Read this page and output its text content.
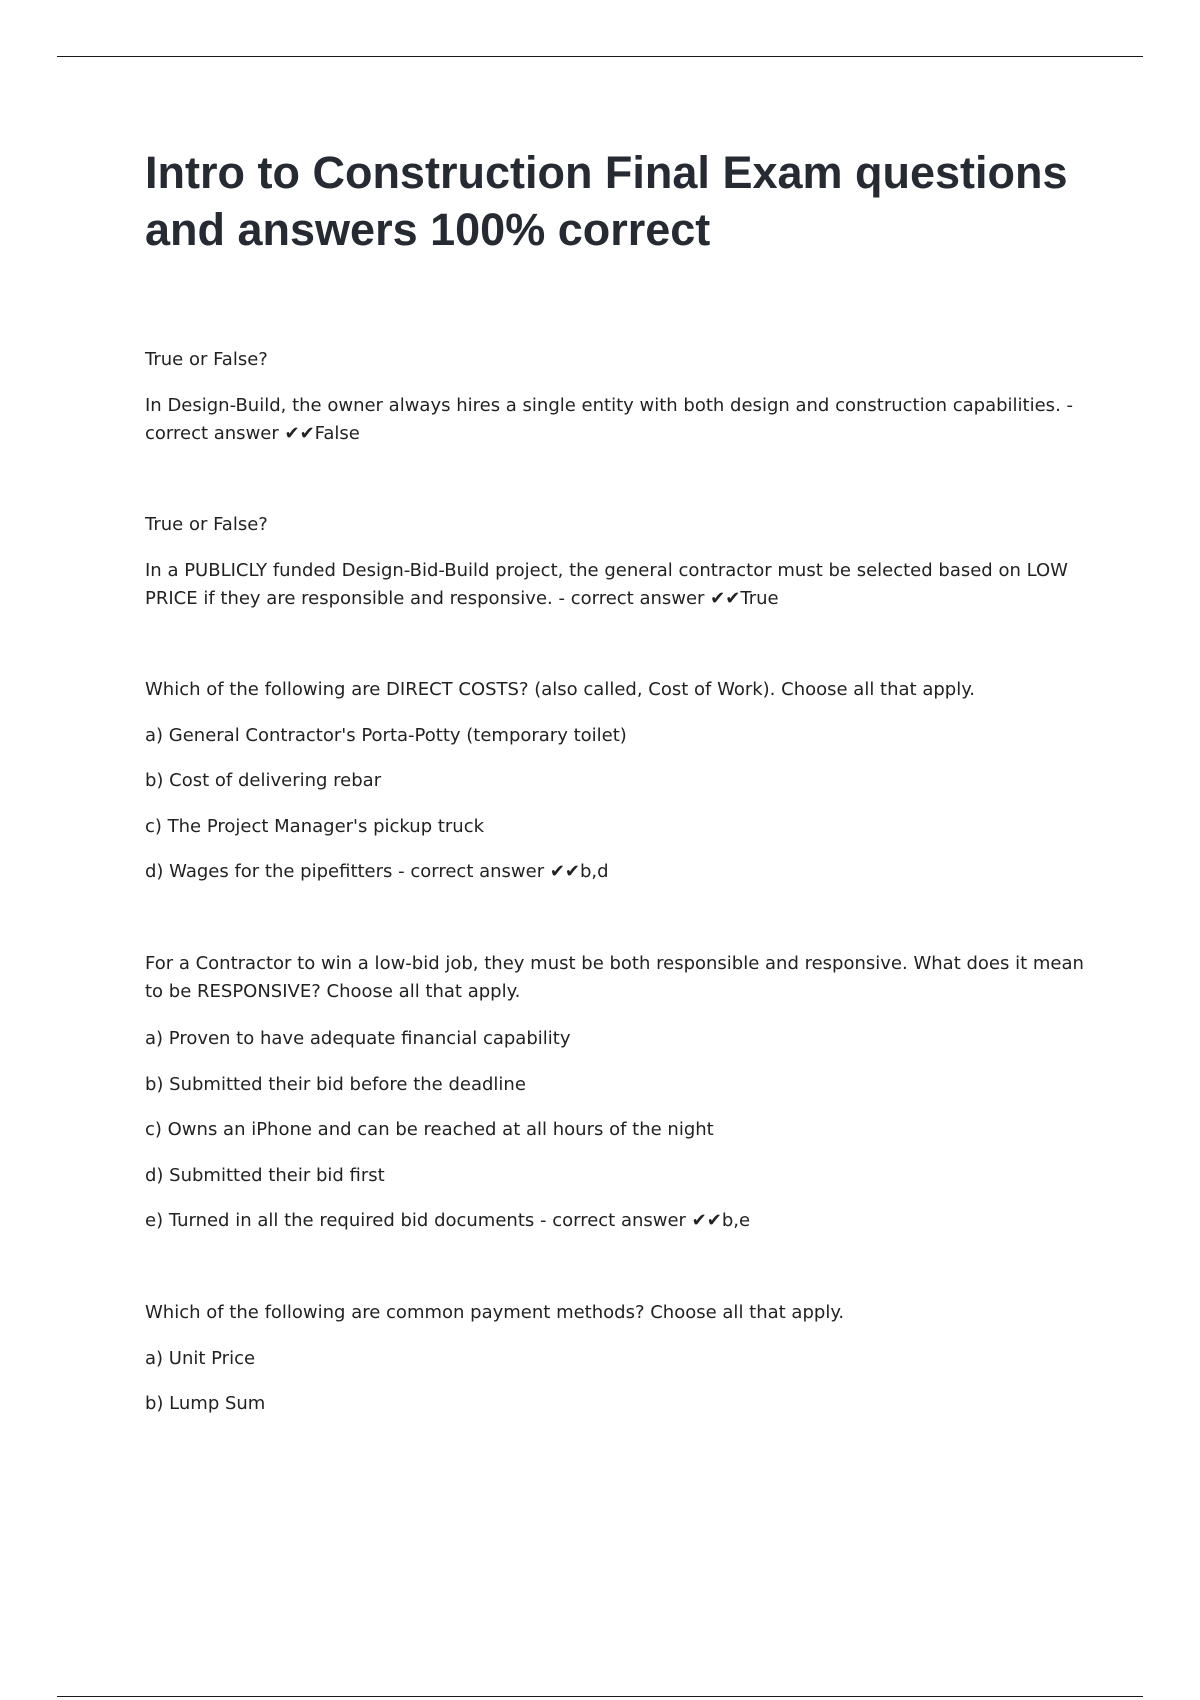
Intro to Construction Final Exam questions and answers 100% correct

True or False?

In Design-Build, the owner always hires a single entity with both design and construction capabilities. - correct answer ✔✔False

True or False?

In a PUBLICLY funded Design-Bid-Build project, the general contractor must be selected based on LOW PRICE if they are responsible and responsive. - correct answer ✔✔True

Which of the following are DIRECT COSTS? (also called, Cost of Work). Choose all that apply.

a) General Contractor's Porta-Potty (temporary toilet)

b) Cost of delivering rebar

c) The Project Manager's pickup truck

d) Wages for the pipefitters - correct answer ✔✔b,d

For a Contractor to win a low-bid job, they must be both responsible and responsive. What does it mean to be RESPONSIVE? Choose all that apply.

a) Proven to have adequate financial capability

b) Submitted their bid before the deadline

c) Owns an iPhone and can be reached at all hours of the night

d) Submitted their bid first

e) Turned in all the required bid documents - correct answer ✔✔b,e

Which of the following are common payment methods? Choose all that apply.

a) Unit Price

b) Lump Sum
